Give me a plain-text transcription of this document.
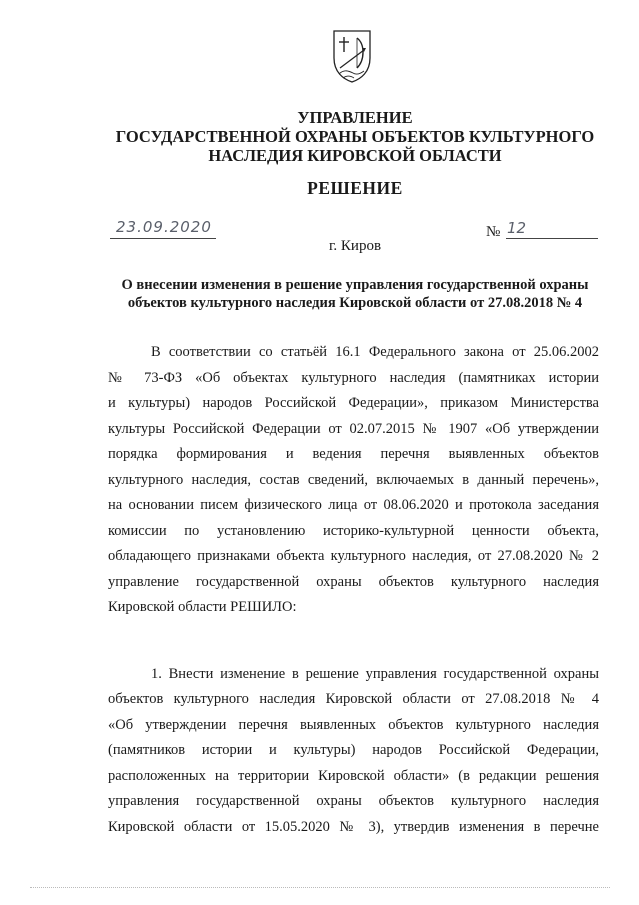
УПРАВЛЕНИЕ
ГОСУДАРСТВЕННОЙ ОХРАНЫ ОБЪЕКТОВ КУЛЬТУРНОГО
НАСЛЕДИЯ КИРОВСКОЙ ОБЛАСТИ
РЕШЕНИЕ
23.09.2020	№ 12
г. Киров
О внесении изменения в решение управления государственной охраны
объектов культурного наследия Кировской области от 27.08.2018 № 4
В соответствии со статьёй 16.1 Федерального закона от 25.06.2002
№ 73-ФЗ «Об объектах культурного наследия (памятниках истории
и культуры) народов Российской Федерации», приказом Министерства
культуры Российской Федерации от 02.07.2015 № 1907 «Об утверждении
порядка формирования и ведения перечня выявленных объектов
культурного наследия, состав сведений, включаемых в данный перечень»,
на основании писем физического лица от 08.06.2020 и протокола заседания
комиссии по установлению историко-культурной ценности объекта,
обладающего признаками объекта культурного наследия, от 27.08.2020 № 2
управление государственной охраны объектов культурного наследия
Кировской области РЕШИЛО:
1. Внести изменение в решение управления государственной охраны
объектов культурного наследия Кировской области от 27.08.2018 № 4
«Об утверждении перечня выявленных объектов культурного наследия
(памятников истории и культуры) народов Российской Федерации,
расположенных на территории Кировской области» (в редакции решения
управления государственной охраны объектов культурного наследия
Кировской области от 15.05.2020 № 3), утвердив изменения в перечне
